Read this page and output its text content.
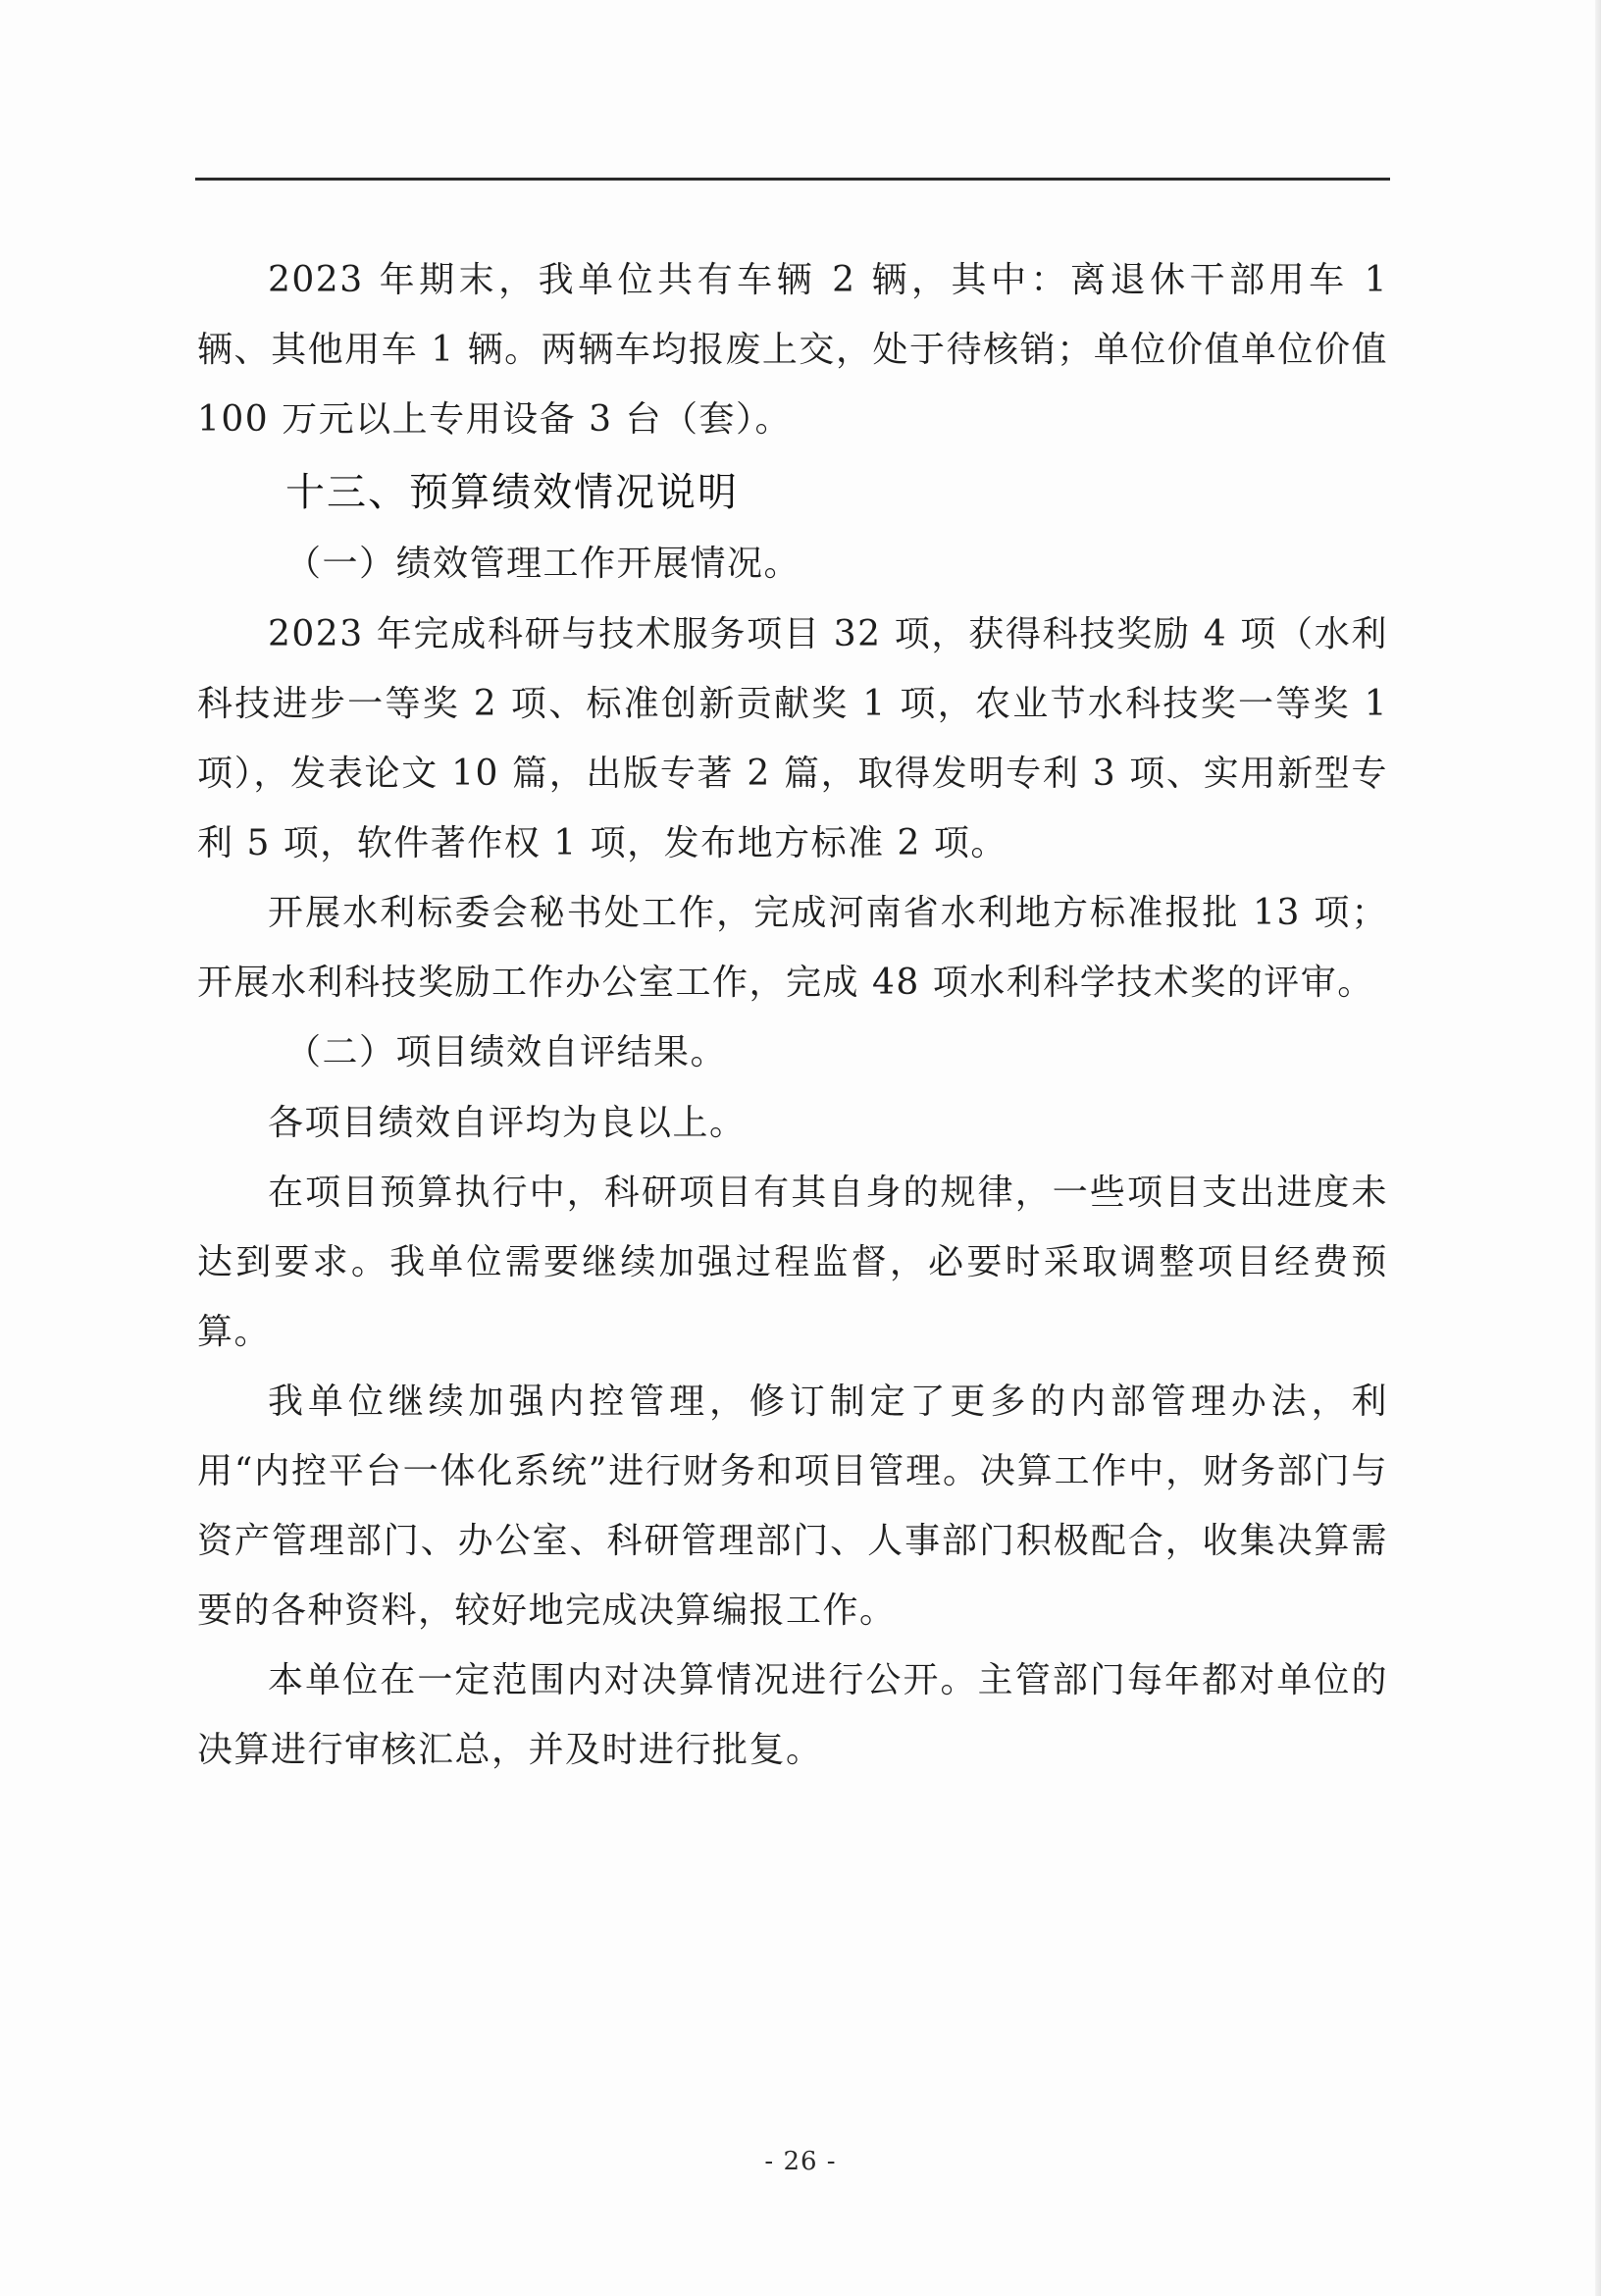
2023 年期末，我单位共有车辆 2 辆，其中：离退休干部用车 1 辆、其他用车 1 辆。两辆车均报废上交，处于待核销；单位价值单位价值 100 万元以上专用设备 3 台（套）。

十三、预算绩效情况说明

（一）绩效管理工作开展情况。

2023 年完成科研与技术服务项目 32 项，获得科技奖励 4 项（水利科技进步一等奖 2 项、标准创新贡献奖 1 项，农业节水科技奖一等奖 1 项），发表论文 10 篇，出版专著 2 篇，取得发明专利 3 项、实用新型专利 5 项，软件著作权 1 项，发布地方标准 2 项。

开展水利标委会秘书处工作，完成河南省水利地方标准报批 13 项；开展水利科技奖励工作办公室工作，完成 48 项水利科学技术奖的评审。

（二）项目绩效自评结果。

各项目绩效自评均为良以上。

在项目预算执行中，科研项目有其自身的规律，一些项目支出进度未达到要求。我单位需要继续加强过程监督，必要时采取调整项目经费预算。

我单位继续加强内控管理，修订制定了更多的内部管理办法，利用“内控平台一体化系统”进行财务和项目管理。决算工作中，财务部门与资产管理部门、办公室、科研管理部门、人事部门积极配合，收集决算需要的各种资料，较好地完成决算编报工作。

本单位在一定范围内对决算情况进行公开。主管部门每年都对单位的决算进行审核汇总，并及时进行批复。

- 26 -
